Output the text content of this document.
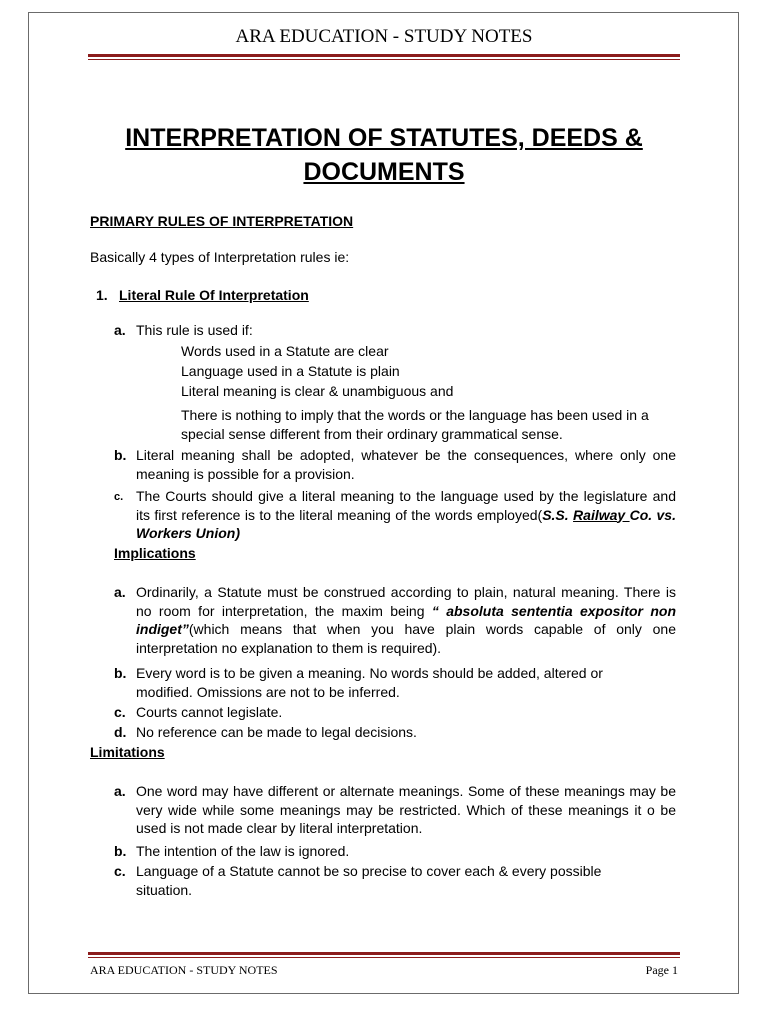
ARA EDUCATION - STUDY NOTES
INTERPRETATION OF STATUTES, DEEDS &
DOCUMENTS
PRIMARY RULES OF INTERPRETATION
Basically 4 types of Interpretation rules ie:
1. Literal Rule Of Interpretation
a. This rule is used if:
Words used in a Statute are clear
Language used in a Statute is plain
Literal meaning is clear & unambiguous and
There is nothing to imply that the words or the language has been used in a special sense different from their ordinary grammatical sense.
b. Literal meaning shall be adopted, whatever be the consequences, where only one meaning is possible for a provision.
c. The Courts should give a literal meaning to the language used by the legislature and its first reference is to the literal meaning of the words employed(S.S. Railway Co. vs. Workers Union)
Implications
a. Ordinarily, a Statute must be construed according to plain, natural meaning. There is no room for interpretation, the maxim being “ absoluta sententia expositor non indiget”(which means that when you have plain words capable of only one interpretation no explanation to them is required).
b. Every word is to be given a meaning. No words should be added, altered or modified. Omissions are not to be inferred.
c. Courts cannot legislate.
d. No reference can be made to legal decisions.
Limitations
a. One word may have different or alternate meanings. Some of these meanings may be very wide while some meanings may be restricted. Which of these meanings it o be used is not made clear by literal interpretation.
b. The intention of the law is ignored.
c. Language of a Statute cannot be so precise to cover each & every possible situation.
ARA EDUCATION - STUDY NOTES	Page 1
